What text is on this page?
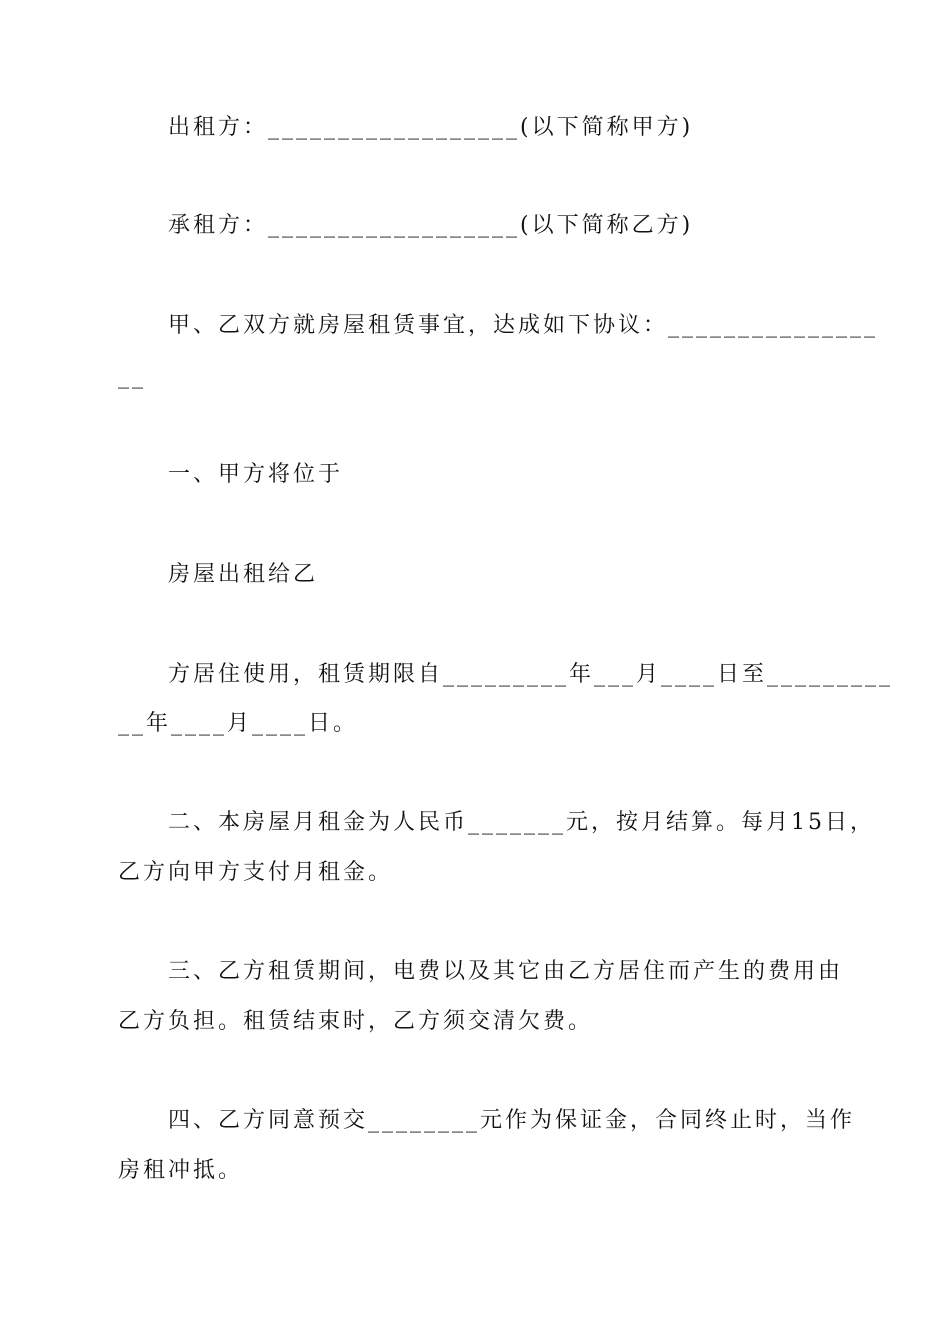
出租方：__________________(以下简称甲方)
承租方：__________________(以下简称乙方)
甲、乙双方就房屋租赁事宜，达成如下协议：_______________
__
一、甲方将位于
房屋出租给乙
方居住使用，租赁期限自_________年___月____日至_________
__年____月____日。
二、本房屋月租金为人民币_______元，按月结算。每月15日，
乙方向甲方支付月租金。
三、乙方租赁期间，电费以及其它由乙方居住而产生的费用由
乙方负担。租赁结束时，乙方须交清欠费。
四、乙方同意预交________元作为保证金，合同终止时，当作
房租冲抵。
